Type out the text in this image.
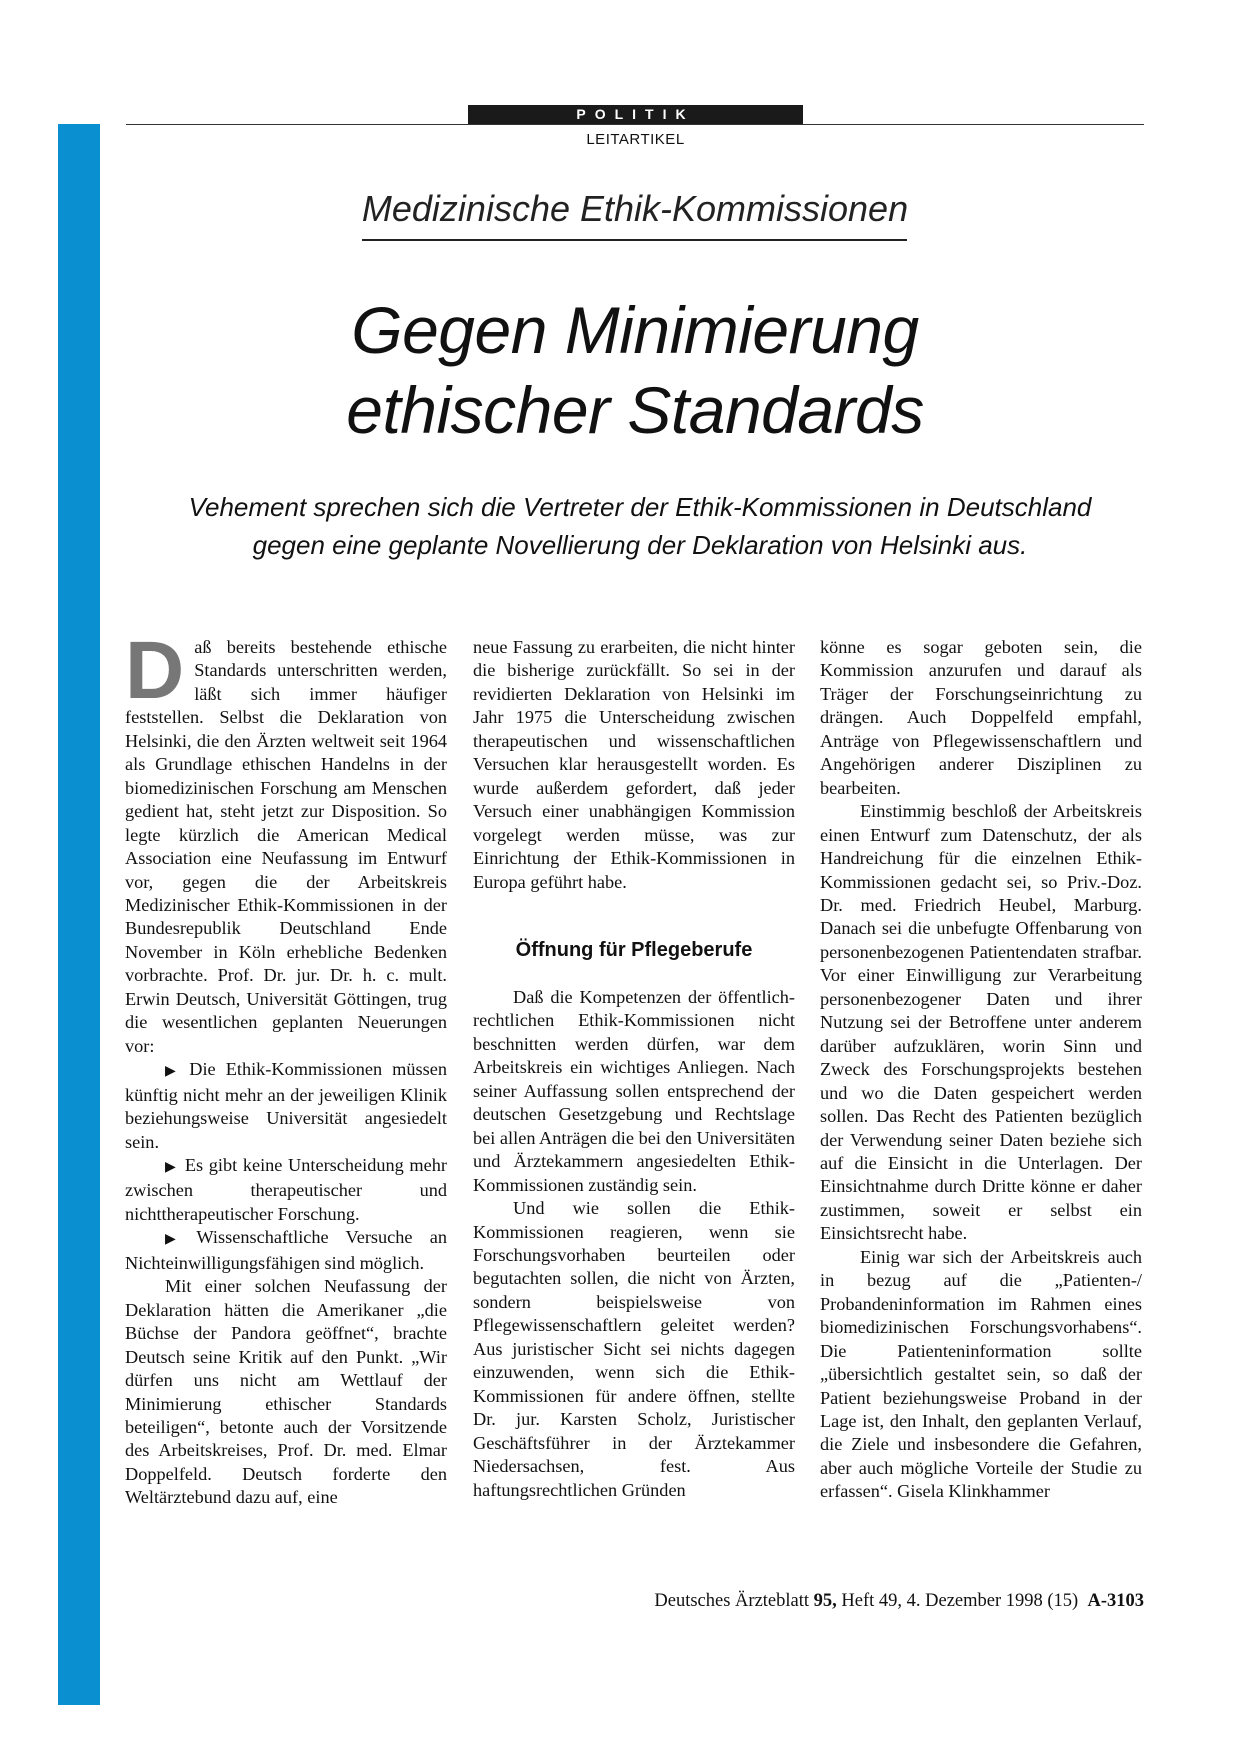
POLITIK
LEITARTIKEL
Medizinische Ethik-Kommissionen
Gegen Minimierung
ethischer Standards
Vehement sprechen sich die Vertreter der Ethik-Kommissionen in Deutschland
gegen eine geplante Novellierung der Deklaration von Helsinki aus.

Daß bereits bestehende ethische Standards unterschritten werden, läßt sich immer häufiger feststellen. Selbst die Deklaration von Helsinki, die den Ärzten weltweit seit 1964 als Grundlage ethischen Handelns in der biomedizinischen Forschung am Menschen gedient hat, steht jetzt zur Disposition. So legte kürzlich die American Medical Association eine Neufassung im Entwurf vor, gegen die der Arbeitskreis Medizinischer Ethik-Kommissionen in der Bundesrepublik Deutschland Ende November in Köln erhebliche Bedenken vorbrachte. Prof. Dr. jur. Dr. h. c. mult. Erwin Deutsch, Universität Göttingen, trug die wesentlichen geplanten Neuerungen vor:

▶ Die Ethik-Kommissionen müssen künftig nicht mehr an der jeweiligen Klinik beziehungsweise Universität angesiedelt sein.

▶ Es gibt keine Unterscheidung mehr zwischen therapeutischer und nichttherapeutischer Forschung.

▶ Wissenschaftliche Versuche an Nichteinwilligungsfähigen sind möglich.

Mit einer solchen Neufassung der Deklaration hätten die Amerikaner „die Büchse der Pandora geöffnet“, brachte Deutsch seine Kritik auf den Punkt. „Wir dürfen uns nicht am Wettlauf der Minimierung ethischer Standards beteiligen“, betonte auch der Vorsitzende des Arbeitskreises, Prof. Dr. med. Elmar Doppelfeld. Deutsch forderte den Weltärztebund dazu auf, eine

neue Fassung zu erarbeiten, die nicht hinter die bisherige zurückfällt. So sei in der revidierten Deklaration von Helsinki im Jahr 1975 die Unterscheidung zwischen therapeutischen und wissenschaftlichen Versuchen klar herausgestellt worden. Es wurde außerdem gefordert, daß jeder Versuch einer unabhängigen Kommission vorgelegt werden müsse, was zur Einrichtung der Ethik-Kommissionen in Europa geführt habe.

Öffnung für Pflegeberufe

Daß die Kompetenzen der öffentlich-rechtlichen Ethik-Kommissionen nicht beschnitten werden dürfen, war dem Arbeitskreis ein wichtiges Anliegen. Nach seiner Auffassung sollen entsprechend der deutschen Gesetzgebung und Rechtslage bei allen Anträgen die bei den Universitäten und Ärztekammern angesiedelten Ethik-Kommissionen zuständig sein.

Und wie sollen die Ethik-Kommissionen reagieren, wenn sie Forschungsvorhaben beurteilen oder begutachten sollen, die nicht von Ärzten, sondern beispielsweise von Pflegewissenschaftlern geleitet werden? Aus juristischer Sicht sei nichts dagegen einzuwenden, wenn sich die Ethik-Kommissionen für andere öffnen, stellte Dr. jur. Karsten Scholz, Juristischer Geschäftsführer in der Ärztekammer Niedersachsen, fest. Aus haftungsrechtlichen Gründen

könne es sogar geboten sein, die Kommission anzurufen und darauf als Träger der Forschungseinrichtung zu drängen. Auch Doppelfeld empfahl, Anträge von Pflegewissenschaftlern und Angehörigen anderer Disziplinen zu bearbeiten.

Einstimmig beschloß der Arbeitskreis einen Entwurf zum Datenschutz, der als Handreichung für die einzelnen Ethik-Kommissionen gedacht sei, so Priv.-Doz. Dr. med. Friedrich Heubel, Marburg. Danach sei die unbefugte Offenbarung von personenbezogenen Patientendaten strafbar. Vor einer Einwilligung zur Verarbeitung personenbezogener Daten und ihrer Nutzung sei der Betroffene unter anderem darüber aufzuklären, worin Sinn und Zweck des Forschungsprojekts bestehen und wo die Daten gespeichert werden sollen. Das Recht des Patienten bezüglich der Verwendung seiner Daten beziehe sich auf die Einsicht in die Unterlagen. Der Einsichtnahme durch Dritte könne er daher zustimmen, soweit er selbst ein Einsichtsrecht habe.

Einig war sich der Arbeitskreis auch in bezug auf die „Patienten-/ Probandeninformation im Rahmen eines biomedizinischen Forschungsvorhabens“. Die Patienteninformation sollte „übersichtlich gestaltet sein, so daß der Patient beziehungsweise Proband in der Lage ist, den Inhalt, den geplanten Verlauf, die Ziele und insbesondere die Gefahren, aber auch mögliche Vorteile der Studie zu erfassen“. Gisela Klinkhammer

Deutsches Ärzteblatt 95, Heft 49, 4. Dezember 1998 (15) A-3103
